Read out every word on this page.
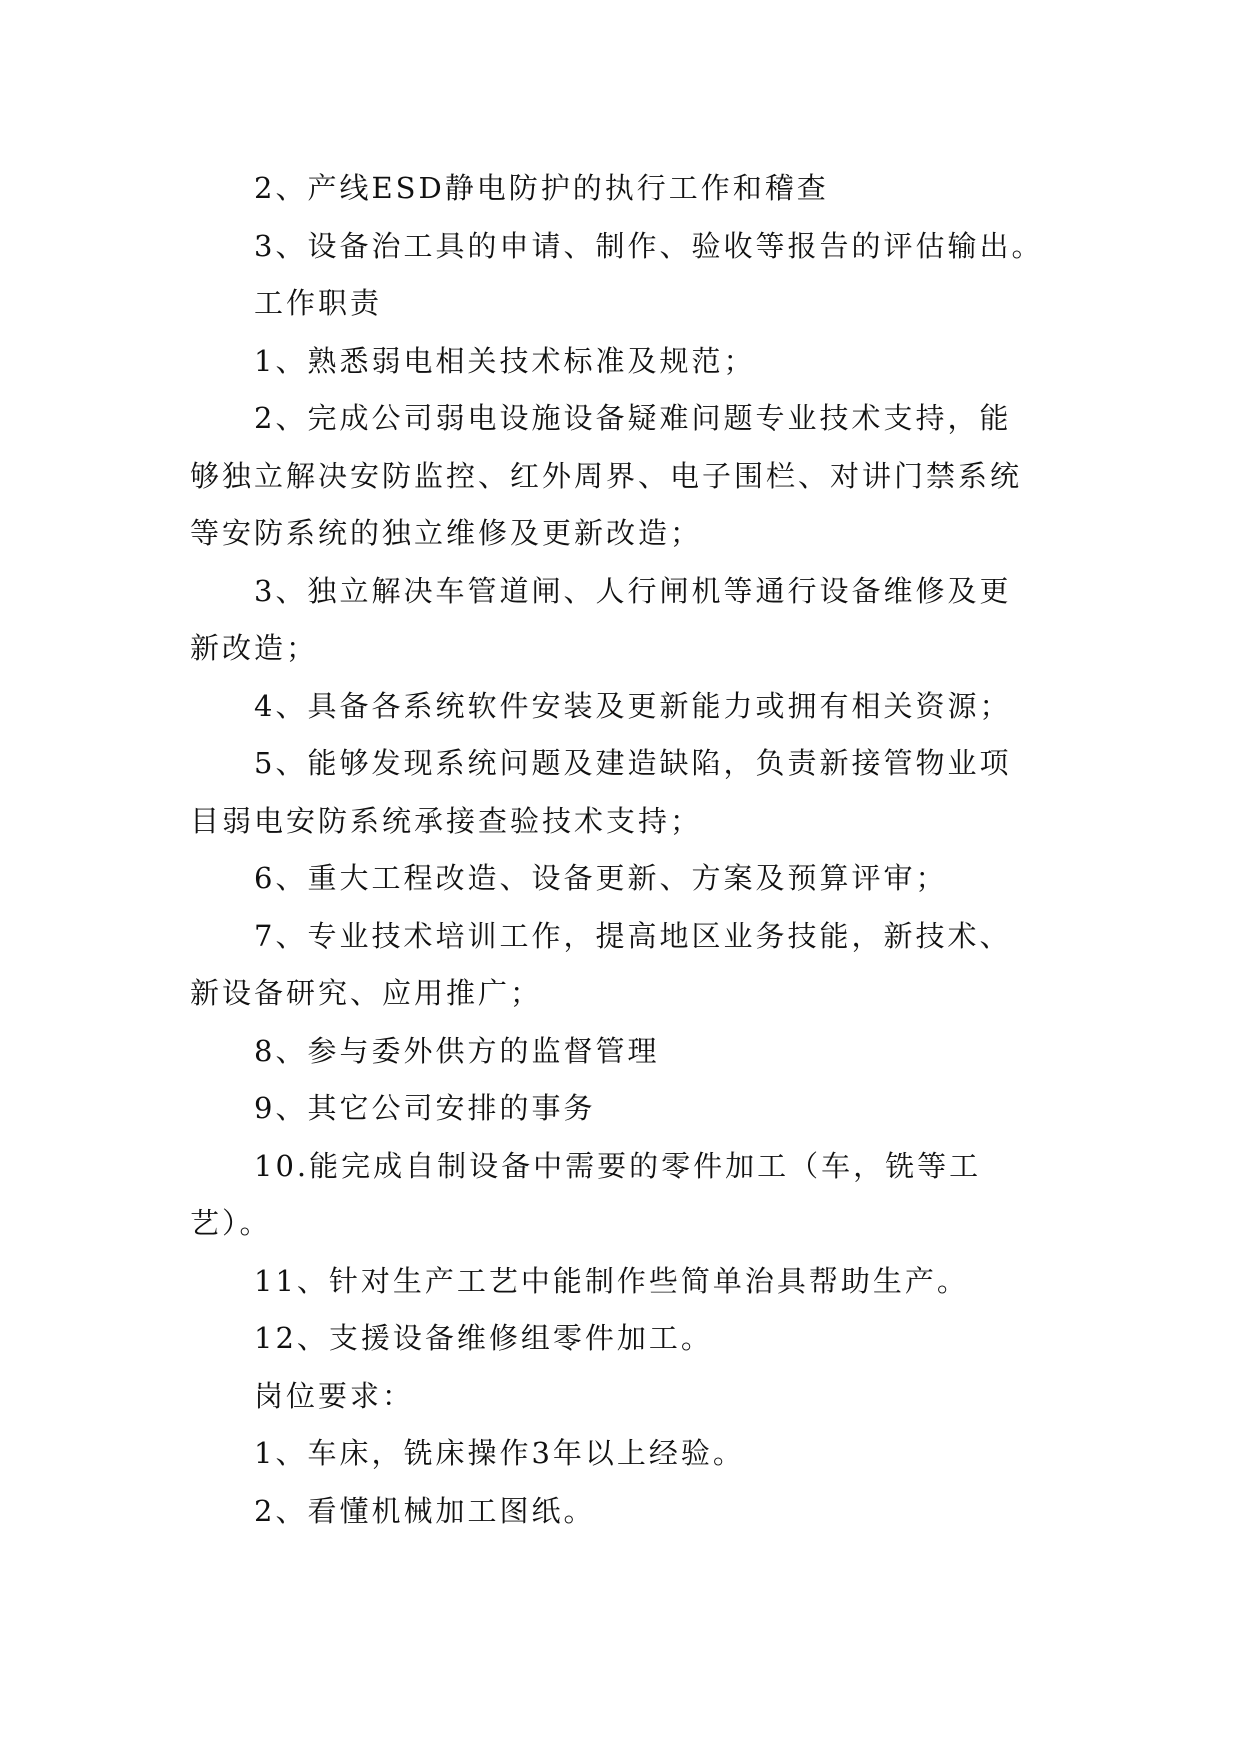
2、产线ESD静电防护的执行工作和稽查
3、设备治工具的申请、制作、验收等报告的评估输出。
工作职责
1、熟悉弱电相关技术标准及规范；
2、完成公司弱电设施设备疑难问题专业技术支持，能
够独立解决安防监控、红外周界、电子围栏、对讲门禁系统
等安防系统的独立维修及更新改造；
3、独立解决车管道闸、人行闸机等通行设备维修及更
新改造；
4、具备各系统软件安装及更新能力或拥有相关资源；
5、能够发现系统问题及建造缺陷，负责新接管物业项
目弱电安防系统承接查验技术支持；
6、重大工程改造、设备更新、方案及预算评审；
7、专业技术培训工作，提高地区业务技能，新技术、
新设备研究、应用推广；
8、参与委外供方的监督管理
9、其它公司安排的事务
10.能完成自制设备中需要的零件加工（车，铣等工
艺）。
11、针对生产工艺中能制作些简单治具帮助生产。
12、支援设备维修组零件加工。
岗位要求：
1、车床，铣床操作3年以上经验。
2、看懂机械加工图纸。
